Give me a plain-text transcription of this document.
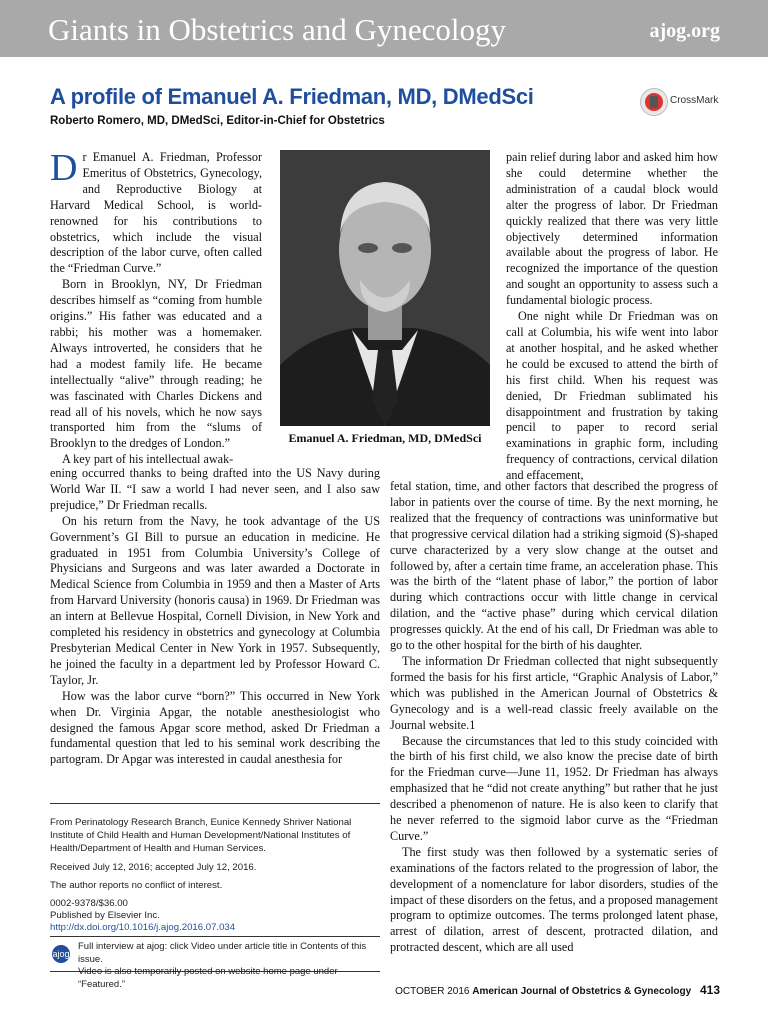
Giants in Obstetrics and Gynecology	ajog.org
A profile of Emanuel A. Friedman, MD, DMedSci	CrossMark
Roberto Romero, MD, DMedSci, Editor-in-Chief for Obstetrics

Dr Emanuel A. Friedman, Professor Emeritus of Obstetrics, Gynecology, and Reproductive Biology at Harvard Medical School, is world-renowned for his contributions to obstetrics, which include the visual description of the labor curve, often called the “Friedman Curve.”

Born in Brooklyn, NY, Dr Friedman describes himself as “coming from humble origins.” His father was educated and a rabbi; his mother was a homemaker. Always introverted, he considers that he had a modest family life. He became intellectually “alive” through reading; he was fascinated with Charles Dickens and read all of his novels, which he now says transported him from the “slums of Brooklyn to the dredges of London.”

A key part of his intellectual awak-

Emanuel A. Friedman, MD, DMedSci

pain relief during labor and asked him how she could determine whether the administration of a caudal block would alter the progress of labor. Dr Friedman quickly realized that there was very little objectively determined information available about the progress of labor. He recognized the importance of the question and sought an opportunity to assess such a fundamental biologic process.

One night while Dr Friedman was on call at Columbia, his wife went into labor at another hospital, and he asked whether he could be excused to attend the birth of his first child. When his request was denied, Dr Friedman sublimated his disappointment and frustration by taking pencil to paper to record serial examinations in graphic form, including frequency of contractions, cervical dilation and effacement,

ening occurred thanks to being drafted into the US Navy during World War II. “I saw a world I had never seen, and I also saw prejudice,” Dr Friedman recalls.

On his return from the Navy, he took advantage of the US Government’s GI Bill to pursue an education in medicine. He graduated in 1951 from Columbia University’s College of Physicians and Surgeons and was later awarded a Doctorate in Medical Science from Columbia in 1959 and then a Master of Arts from Harvard University (honoris causa) in 1969. Dr Friedman was an intern at Bellevue Hospital, Cornell Division, in New York and completed his residency in obstetrics and gynecology at Columbia Presbyterian Medical Center in New York in 1957. Subsequently, he joined the faculty in a department led by Professor Howard C. Taylor, Jr.

How was the labor curve “born?” This occurred in New York when Dr. Virginia Apgar, the notable anesthesiologist who designed the famous Apgar score method, asked Dr Friedman a fundamental question that led to his seminal work describing the partogram. Dr Apgar was interested in caudal anesthesia for

fetal station, time, and other factors that described the progress of labor in patients over the course of time. By the next morning, he realized that the frequency of contractions was uninformative but that progressive cervical dilation had a striking sigmoid (S)-shaped curve characterized by a very slow change at the outset and followed by, after a certain time frame, an acceleration phase. This was the birth of the “latent phase of labor,” the portion of labor during which contractions occur with little change in cervical dilation, and the “active phase” during which cervical dilation progresses quickly. At the end of his call, Dr Friedman was able to go to the other hospital for the birth of his daughter.

The information Dr Friedman collected that night subsequently formed the basis for his first article, “Graphic Analysis of Labor,” which was published in the American Journal of Obstetrics & Gynecology and is a well-read classic freely available on the Journal website.1

Because the circumstances that led to this study coincided with the birth of his first child, we also know the precise date of birth for the Friedman curve—June 11, 1952. Dr Friedman has always emphasized that he “did not create anything” but rather that he just described a phenomenon of nature. He is also keen to clarify that he never referred to the sigmoid labor curve as the “Friedman Curve.”

The first study was then followed by a systematic series of examinations of the factors related to the progression of labor, the development of a nomenclature for labor disorders, studies of the impact of these disorders on the fetus, and a proposed management program to optimize outcomes. The terms prolonged latent phase, arrest of dilation, arrest of descent, protracted dilation, and protracted descent, which are all used

From Perinatology Research Branch, Eunice Kennedy Shriver National Institute of Child Health and Human Development/National Institutes of Health/Department of Health and Human Services.
Received July 12, 2016; accepted July 12, 2016.
The author reports no conflict of interest.
0002-9378/$36.00
Published by Elsevier Inc.
http://dx.doi.org/10.1016/j.ajog.2016.07.034
ajog
Full interview at ajog: click Video under article title in Contents of this issue.
Video is also temporarily posted on website home page under “Featured.”
OCTOBER 2016 American Journal of Obstetrics & Gynecology 413
